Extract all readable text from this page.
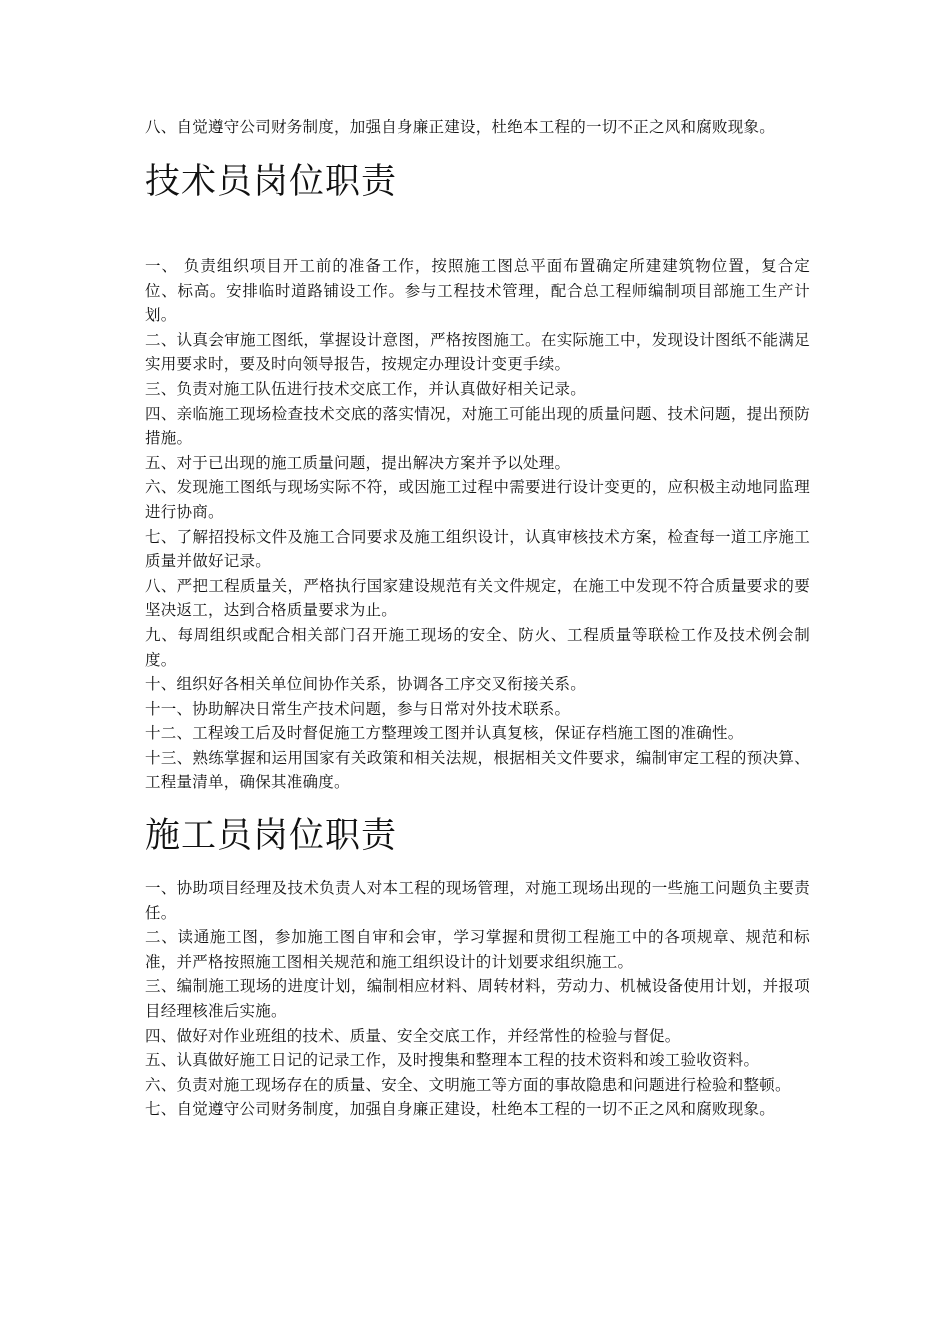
八、自觉遵守公司财务制度，加强自身廉正建设，杜绝本工程的一切不正之风和腐败现象。

技术员岗位职责
一、 负责组织项目开工前的准备工作，按照施工图总平面布置确定所建建筑物位置，复合定位、标高。安排临时道路铺设工作。参与工程技术管理，配合总工程师编制项目部施工生产计划。
二、认真会审施工图纸，掌握设计意图，严格按图施工。在实际施工中，发现设计图纸不能满足实用要求时，要及时向领导报告，按规定办理设计变更手续。
三、负责对施工队伍进行技术交底工作，并认真做好相关记录。
四、亲临施工现场检查技术交底的落实情况，对施工可能出现的质量问题、技术问题，提出预防措施。
五、对于已出现的施工质量问题，提出解决方案并予以处理。
六、发现施工图纸与现场实际不符，或因施工过程中需要进行设计变更的，应积极主动地同监理进行协商。
七、了解招投标文件及施工合同要求及施工组织设计，认真审核技术方案，检查每一道工序施工质量并做好记录。
八、严把工程质量关，严格执行国家建设规范有关文件规定，在施工中发现不符合质量要求的要坚决返工，达到合格质量要求为止。
九、每周组织或配合相关部门召开施工现场的安全、防火、工程质量等联检工作及技术例会制度。
十、组织好各相关单位间协作关系，协调各工序交叉衔接关系。
十一、协助解决日常生产技术问题，参与日常对外技术联系。
十二、工程竣工后及时督促施工方整理竣工图并认真复核，保证存档施工图的准确性。
十三、熟练掌握和运用国家有关政策和相关法规，根据相关文件要求，编制审定工程的预决算、工程量清单，确保其准确度。
施工员岗位职责
一、协助项目经理及技术负责人对本工程的现场管理，对施工现场出现的一些施工问题负主要责任。
二、读通施工图，参加施工图自审和会审，学习掌握和贯彻工程施工中的各项规章、规范和标准，并严格按照施工图相关规范和施工组织设计的计划要求组织施工。
三、编制施工现场的进度计划，编制相应材料、周转材料，劳动力、机械设备使用计划，并报项目经理核准后实施。
四、做好对作业班组的技术、质量、安全交底工作，并经常性的检验与督促。
五、认真做好施工日记的记录工作，及时搜集和整理本工程的技术资料和竣工验收资料。
六、负责对施工现场存在的质量、安全、文明施工等方面的事故隐患和问题进行检验和整顿。
七、自觉遵守公司财务制度，加强自身廉正建设，杜绝本工程的一切不正之风和腐败现象。
